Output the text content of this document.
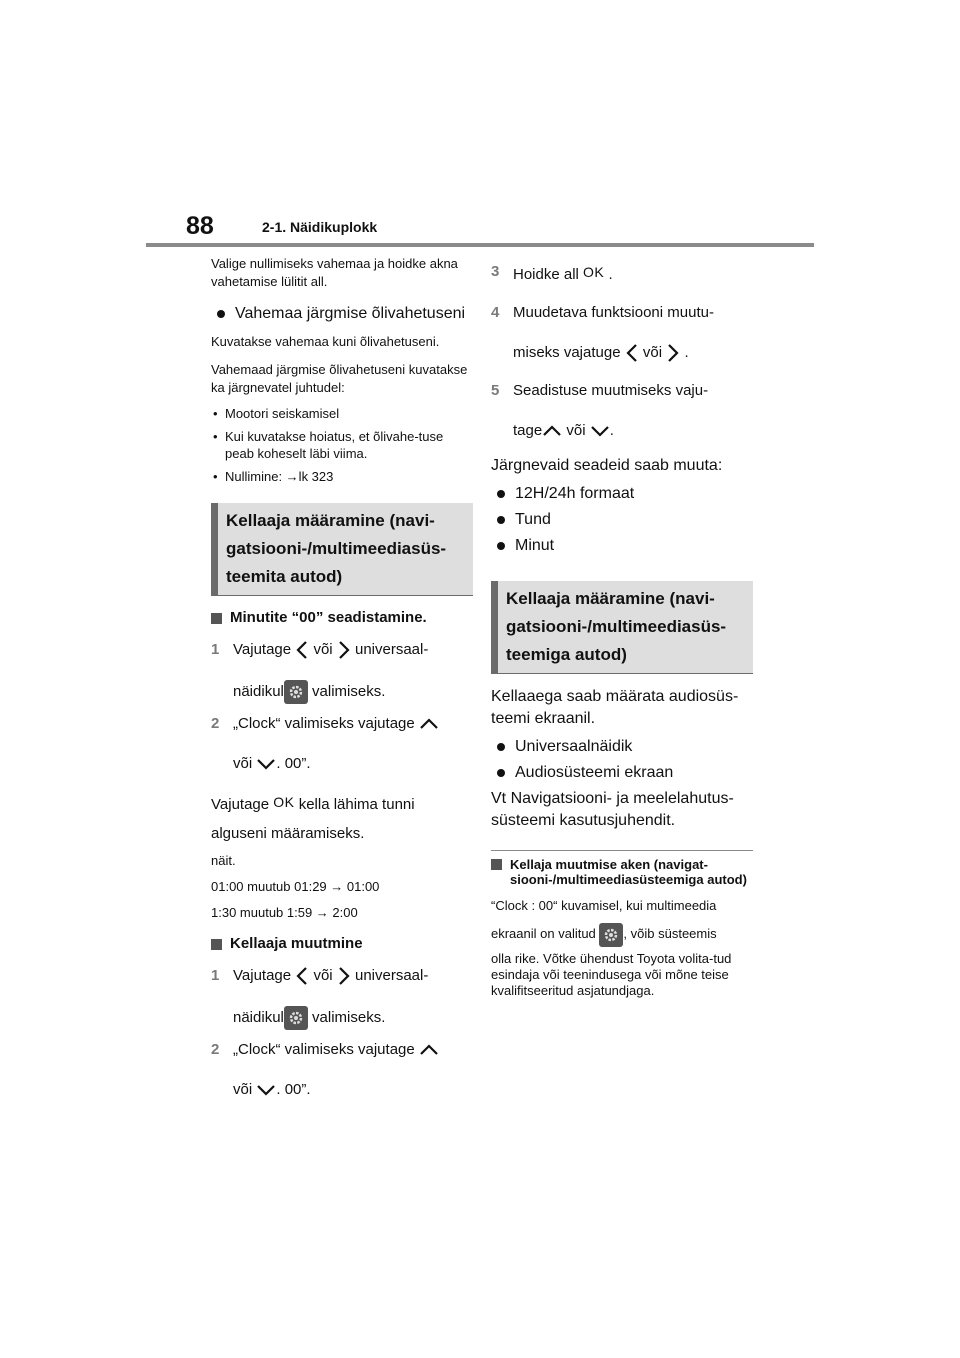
88	2-1. Näidikuplokk

Valige nullimiseks vahemaa ja hoidke akna vahetamise lülitit all.

Vahemaa järgmise õlivahetuseni

Kuvatakse vahemaa kuni õlivahetuseni.

Vahemaad järgmise õlivahetuseni kuvatakse ka järgnevatel juhtudel:

• Mootori seiskamisel
• Kui kuvatakse hoiatus, et õlivahe-tuse peab koheselt läbi viima.
• Nullimine: →lk 323
Kellaaja määramine (navi-gatsiooni-/multimeediasüs-teemita autod)
Minutite “00” seadistamine.
1 Vajutage või universaal-

näidikul valimiseks.
2 „Clock“ valimiseks vajutage

või . 00”.

Vajutage OK kella lähima tunni
alguseni määramiseks.

näit.

01:00 muutub 01:29 → 01:00

1:30 muutub 1:59 → 2:00

Kellaaja muutmine
1 Vajutage või universaal-

näidikul valimiseks.
2 „Clock“ valimiseks vajutage

või . 00”.
3 Hoidke all OK .
4 Muudetava funktsiooni muutu-

miseks vajatuge või .
5 Seadistuse muutmiseks vaju-

tage või .

Järgnevaid seadeid saab muuta:

12H/24h formaat
Tund
Minut
Kellaaja määramine (navi-gatsiooni-/multimeediasüs-teemiga autod)

Kellaaega saab määrata audiosüs-teemi ekraanil.

Universaalnäidik
Audiosüsteemi ekraan

Vt Navigatsiooni- ja meelelahutus-süsteemi kasutusjuhendit.

Kellaja muutmise aken (navigat-siooni-/multimeediasüsteemiga autod)

“Clock : 00“ kuvamisel, kui multimeedia

ekraanil on valitud , võib süsteemis

olla rike. Võtke ühendust Toyota volita-tud esindaja või teenindusega või mõne teise kvalifitseeritud asjatundjaga.
